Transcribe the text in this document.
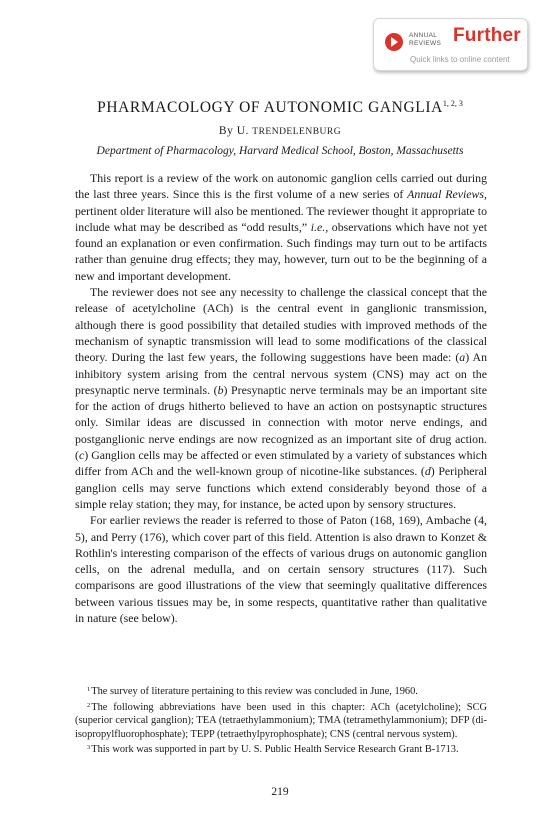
ANNUAL
REVIEWS Further
Quick links to online content
PHARMACOLOGY OF AUTONOMIC GANGLIA$^{1, 2, 3}$
By U. TRENDELENBURG
Department of Pharmacology, Harvard Medical School, Boston, Massachusetts

This report is a review of the work on autonomic ganglion cells carried out during the last three years. Since this is the first volume of a new series of Annual Reviews, pertinent older literature will also be mentioned. The reviewer thought it appropriate to include what may be described as “odd results,” i.e., observations which have not yet found an explanation or even confirmation. Such findings may turn out to be artifacts rather than genuine drug effects; they may, however, turn out to be the beginning of a new and important development.

The reviewer does not see any necessity to challenge the classical concept that the release of acetylcholine (ACh) is the central event in ganglionic transmission, although there is good possibility that detailed studies with improved methods of the mechanism of synaptic transmission will lead to some modifications of the classical theory. During the last few years, the following suggestions have been made: (a) An inhibitory system arising from the central nervous system (CNS) may act on the presynaptic nerve terminals. (b) Presynaptic nerve terminals may be an important site for the action of drugs hitherto believed to have an action on postsynaptic structures only. Similar ideas are discussed in connection with motor nerve endings, and postganglionic nerve endings are now recognized as an important site of drug action. (c) Ganglion cells may be affected or even stimulated by a variety of substances which differ from ACh and the well-known group of nicotine-like substances. (d) Peripheral ganglion cells may serve functions which extend considerably beyond those of a simple relay station; they may, for instance, be acted upon by sensory structures.

For earlier reviews the reader is referred to those of Paton (168, 169), Ambache (4, 5), and Perry (176), which cover part of this field. Attention is also drawn to Konzet & Rothlin's interesting comparison of the effects of various drugs on autonomic ganglion cells, on the adrenal medulla, and on certain sensory structures (117). Such comparisons are good illustrations of the view that seemingly qualitative differences between various tissues may be, in some respects, quantitative rather than qualitative in nature (see below).

$^1$The survey of literature pertaining to this review was concluded in June, 1960.

$^2$The following abbreviations have been used in this chapter: ACh (acetylcholine); SCG (superior cervical ganglion); TEA (tetraethylammonium); TMA (tetramethylammonium); DFP (di-isopropylfluorophosphate); TEPP (tetraethylpyrophosphate); CNS (central nervous system).

$^3$This work was supported in part by U. S. Public Health Service Research Grant B-1713.

219
